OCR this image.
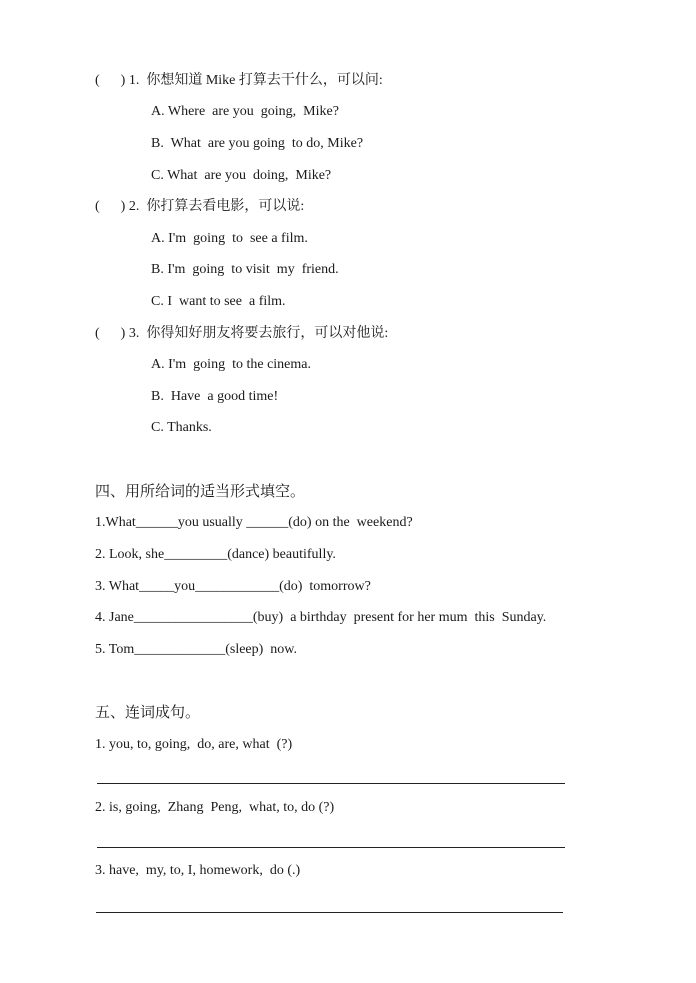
(      ) 1.  你想知道 Mike 打算去干什么，可以问:
A. Where  are you  going,  Mike?
B.  What  are you going  to do, Mike?
C. What  are you  doing,  Mike?
(      ) 2.  你打算去看电影，可以说:
A. I'm  going  to  see a film.
B. I'm  going  to visit  my  friend.
C. I  want to see  a film.
(      ) 3.  你得知好朋友将要去旅行，可以对他说:
A. I'm  going  to the cinema.
B.  Have  a good time!
C. Thanks.
四、用所给词的适当形式填空。
1.What______you usually ______(do) on the  weekend?
2. Look, she_________(dance) beautifully.
3. What_____you____________(do)  tomorrow?
4. Jane_________________(buy)  a birthday  present for her mum  this  Sunday.
5. Tom_____________(sleep)  now.
五、连词成句。
1. you, to, going,  do, are, what  (?)
2. is, going,  Zhang  Peng,  what, to, do (?)
3. have,  my, to, I, homework,  do (.)
